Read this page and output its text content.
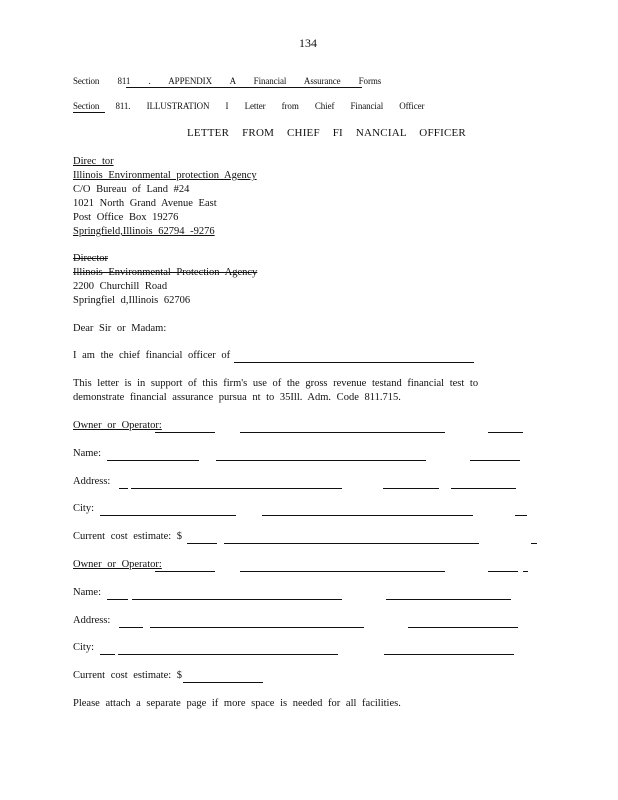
134
Section 811 . APPENDIX A Financial Assurance Forms
Section 811. ILLUSTRATION I Letter from Chief Financial Officer
LETTER FROM CHIEF FI NANCIAL OFFICER
Direc tor
Illinois Environmental protection Agency
C/O Bureau of Land #24
1021 North Grand Avenue East
Post Office Box 19276
Springfield,Illinois 62794 -9276
Director
Illinois Environmental Protection Agency
2200 Churchill Road
Springfiel d,Illinois 62706
Dear Sir or Madam:
I am the chief financial officer of
This letter is in support of this firm's use of the gross revenue testand financial test to
demonstrate financial assurance pursua nt to 35Ill. Adm. Code 811.715.
Owner or Operator:
Name:
Address:
City:
Current cost estimate: $
Owner or Operator:
Name:
Address:
City:
Current cost estimate: $
Please attach a separate page if more space is needed for all facilities.
